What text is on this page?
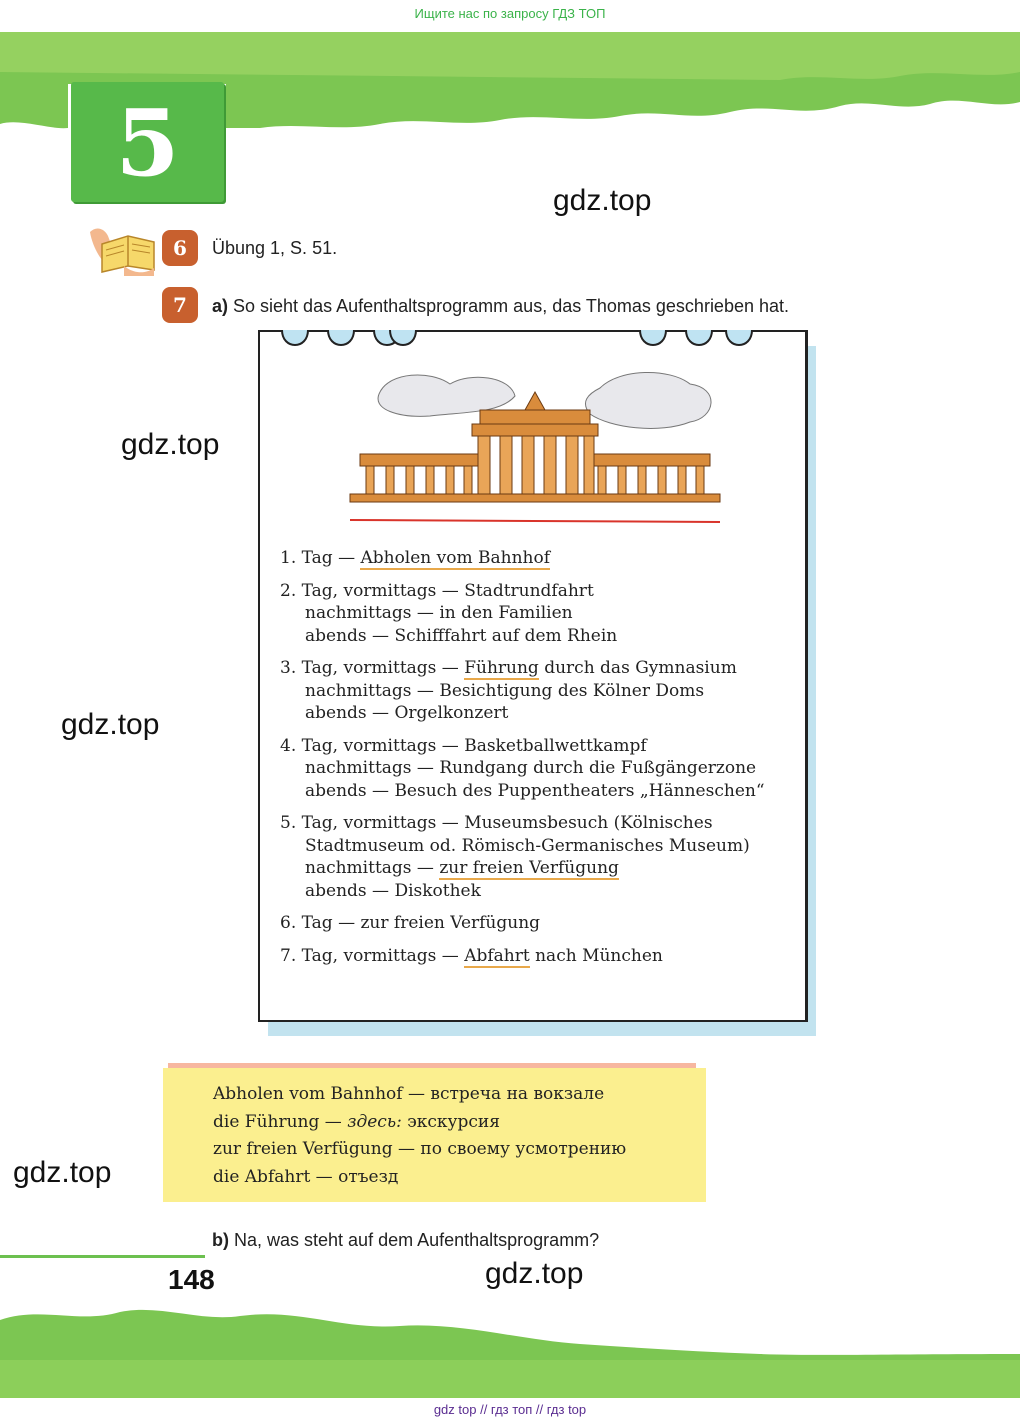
Ищите нас по запросу ГДЗ ТОП
5
gdz.top
gdz.top
gdz.top
gdz.top
gdz.top
6	Übung 1, S. 51.
7	a) So sieht das Aufenthaltsprogramm aus, das Thomas geschrieben hat.
1. Tag — Abholen vom Bahnhof
2. Tag, vormittags — Stadtrundfahrt
nachmittags — in den Familien
abends — Schifffahrt auf dem Rhein
3. Tag, vormittags — Führung durch das Gymnasium
nachmittags — Besichtigung des Kölner Doms
abends — Orgelkonzert
4. Tag, vormittags — Basketballwettkampf
nachmittags — Rundgang durch die Fußgängerzone
abends — Besuch des Puppentheaters „Hänneschen“
5. Tag, vormittags — Museumsbesuch (Kölnisches
Stadtmuseum od. Römisch-Germanisches Museum)
nachmittags — zur freien Verfügung
abends — Diskothek
6. Tag — zur freien Verfügung
7. Tag, vormittags — Abfahrt nach München
Abholen vom Bahnhof — встреча на вокзале
die Führung — здесь: экскурсия
zur freien Verfügung — по своему усмотрению
die Abfahrt — отъезд
b) Na, was steht auf dem Aufenthaltsprogramm?
148
gdz top // гдз топ // гдз top
